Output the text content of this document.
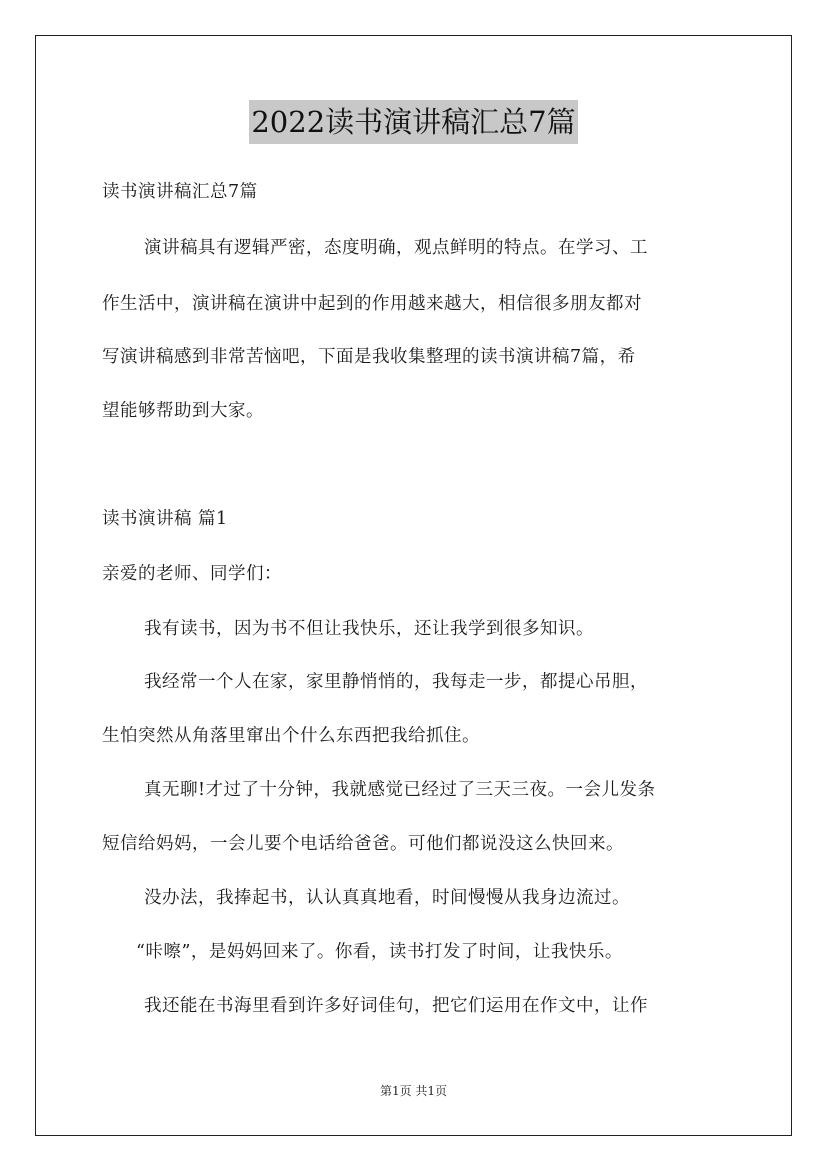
2022读书演讲稿汇总7篇
读书演讲稿汇总7篇
演讲稿具有逻辑严密，态度明确，观点鲜明的特点。在学习、工
作生活中，演讲稿在演讲中起到的作用越来越大，相信很多朋友都对
写演讲稿感到非常苦恼吧，下面是我收集整理的读书演讲稿7篇，希
望能够帮助到大家。
读书演讲稿 篇1
亲爱的老师、同学们：
我有读书，因为书不但让我快乐，还让我学到很多知识。
我经常一个人在家，家里静悄悄的，我每走一步，都提心吊胆，
生怕突然从角落里窜出个什么东西把我给抓住。
真无聊!才过了十分钟，我就感觉已经过了三天三夜。一会儿发条
短信给妈妈，一会儿要个电话给爸爸。可他们都说没这么快回来。
没办法，我捧起书，认认真真地看，时间慢慢从我身边流过。
“咔嚓”，是妈妈回来了。你看，读书打发了时间，让我快乐。
我还能在书海里看到许多好词佳句，把它们运用在作文中，让作
第1页 共1页
